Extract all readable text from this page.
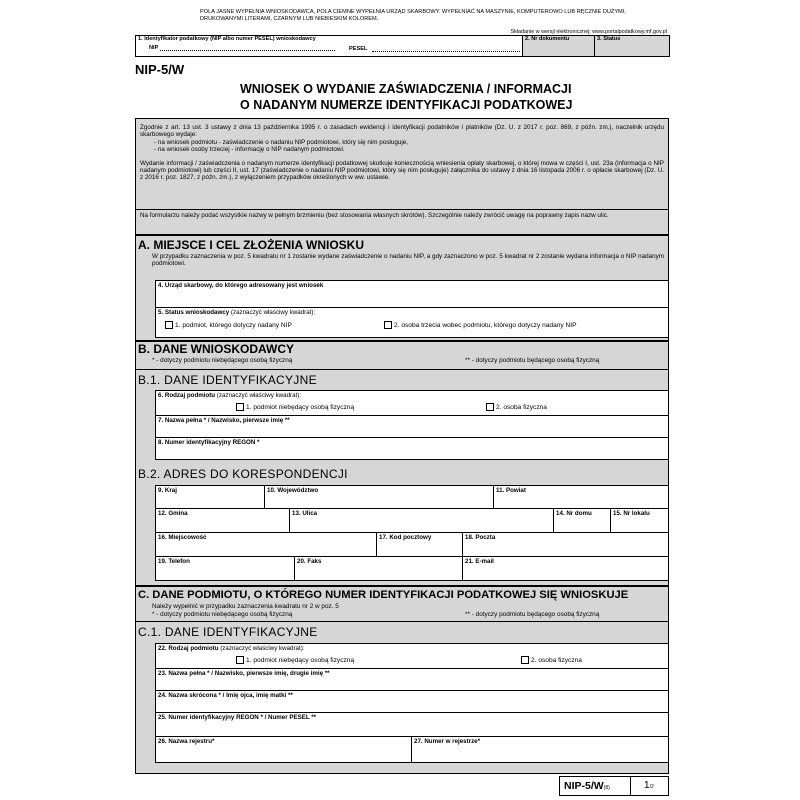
POLA JASNE WYPEŁNIA WNIOSKODAWCA, POLA CIEMNE WYPEŁNIA URZĄD SKARBOWY. WYPEŁNIAĆ NA MASZYNIE, KOMPUTEROWO LUB RĘCZNIE DUŻYMI, DRUKOWANYMI LITERAMI, CZARNYM LUB NIEBIESKIM KOLOREM.
Składanie w wersji elektronicznej: www.portalpodatkowy.mf.gov.pl
1. Identyfikator podatkowy (NIP albo numer PESEL) wnioskodawcy	2. Nr dokumentu	3. Status
NIP	PESEL
NIP-5/W
WNIOSEK O WYDANIE ZAŚWIADCZENIA / INFORMACJI
O NADANYM NUMERZE IDENTYFIKACJI PODATKOWEJ
Zgodnie z art. 13 ust. 3 ustawy z dnia 13 października 1995 r. o zasadach ewidencji i identyfikacji podatników i płatników (Dz. U. z 2017 r. poz. 869, z późn. zm.), naczelnik urzędu skarbowego wydaje:
- na wniosek podmiotu - zaświadczenie o nadaniu NIP podmiotowi, który się nim posługuje,
- na wniosek osoby trzeciej - informację o NIP nadanym podmiotowi.
Wydanie informacji / zaświadczenia o nadanym numerze identyfikacji podatkowej skutkuje koniecznością wniesienia opłaty skarbowej, o której mowa w części I, ust. 23a (informacja o NIP nadanym podmiotowi) lub części II, ust. 17 (zaświadczenie o nadaniu NIP podmiotowi, który się nim posługuje) załącznika do ustawy z dnia 16 listopada 2006 r. o opłacie skarbowej (Dz. U. z 2016 r. poz. 1827, z późn. zm.), z wyłączeniem przypadków określonych w ww. ustawie.
Na formularzu należy podać wszystkie nazwy w pełnym brzmieniu (bez stosowania własnych skrótów). Szczególnie należy zwrócić uwagę na poprawny zapis nazw ulic.
A. MIEJSCE I CEL ZŁOŻENIA WNIOSKU
W przypadku zaznaczenia w poz. 5 kwadratu nr 1 zostanie wydane zaświadczenie o nadaniu NIP, a gdy zaznaczono w poz. 5 kwadrat nr 2 zostanie wydana informacja o NIP nadanym podmiotowi.
4. Urząd skarbowy, do którego adresowany jest wniosek
5. Status wnioskodawcy (zaznaczyć właściwy kwadrat):
1. podmiot, którego dotyczy nadany NIP	2. osoba trzecia wobec podmiotu, którego dotyczy nadany NIP
B. DANE WNIOSKODAWCY
* - dotyczy podmiotu niebędącego osobą fizyczną	** - dotyczy podmiotu będącego osobą fizyczną
B.1. DANE IDENTYFIKACYJNE
6. Rodzaj podmiotu (zaznaczyć właściwy kwadrat):
1. podmiot niebędący osobą fizyczną	2. osoba fizyczna
7. Nazwa pełna * / Nazwisko, pierwsze imię **
8. Numer identyfikacyjny REGON *
B.2. ADRES DO KORESPONDENCJI
9. Kraj	10. Województwo	11. Powiat
12. Gmina	13. Ulica	14. Nr domu	15. Nr lokalu
16. Miejscowość	17. Kod pocztowy	18. Poczta
19. Telefon	20. Faks	21. E-mail
C. DANE PODMIOTU, O KTÓREGO NUMER IDENTYFIKACJI PODATKOWEJ SIĘ WNIOSKUJE
Należy wypełnić w przypadku zaznaczenia kwadratu nr 2 w poz. 5
* - dotyczy podmiotu niebędącego osobą fizyczną	** - dotyczy podmiotu będącego osobą fizyczną
C.1. DANE IDENTYFIKACYJNE
22. Rodzaj podmiotu (zaznaczyć właściwy kwadrat):
1. podmiot niebędący osobą fizyczną	2. osoba fizyczna
23. Nazwa pełna * / Nazwisko, pierwsze imię, drugie imię **
24. Nazwa skrócona * / Imię ojca, imię matki **
25. Numer identyfikacyjny REGON * / Numer PESEL **
26. Nazwa rejestru*	27. Numer w rejestrze*
NIP-5/W(8)	1/2
